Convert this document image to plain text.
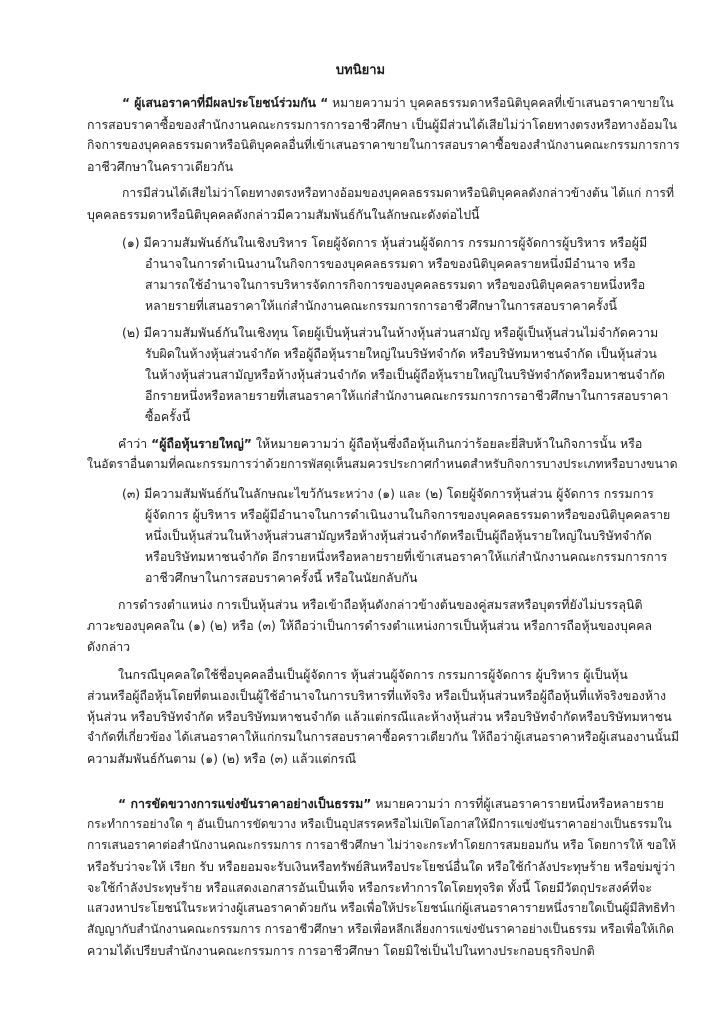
บทนิยาม
“ ผู้เสนอราคาที่มีผลประโยชน์ร่วมกัน “ หมายความว่า บุคคลธรรมดาหรือนิติบุคคลที่เข้าเสนอราคาขายใน
การสอบราคาซื้อของสำนักงานคณะกรรมการการอาชีวศึกษา เป็นผู้มีส่วนได้เสียไม่ว่าโดยทางตรงหรือทางอ้อมใน
กิจการของบุคคลธรรมดาหรือนิติบุคคลอื่นที่เข้าเสนอราคาขายในการสอบราคาซื้อของสำนักงานคณะกรรมการการ
อาชีวศึกษาในคราวเดียวกัน
การมีส่วนได้เสียไม่ว่าโดยทางตรงหรือทางอ้อมของบุคคลธรรมดาหรือนิติบุคคลดังกล่าวข้างต้น ได้แก่ การที่
บุคคลธรรมดาหรือนิติบุคคลดังกล่าวมีความสัมพันธ์กันในลักษณะดังต่อไปนี้
(๑) มีความสัมพันธ์กันในเชิงบริหาร โดยผู้จัดการ หุ้นส่วนผู้จัดการ กรรมการผู้จัดการผู้บริหาร หรือผู้มี
อำนาจในการดำเนินงานในกิจการของบุคคลธรรมดา หรือของนิติบุคคลรายหนึ่งมีอำนาจ หรือ
สามารถใช้อำนาจในการบริหารจัดการกิจการของบุคคลธรรมดา หรือของนิติบุคคลรายหนึ่งหรือ
หลายรายที่เสนอราคาให้แก่สำนักงานคณะกรรมการการอาชีวศึกษาในการสอบราคาครั้งนี้
(๒) มีความสัมพันธ์กันในเชิงทุน โดยผู้เป็นหุ้นส่วนในห้างหุ้นส่วนสามัญ หรือผู้เป็นหุ้นส่วนไม่จำกัดความ
รับผิดในห้างหุ้นส่วนจำกัด หรือผู้ถือหุ้นรายใหญ่ในบริษัทจำกัด หรือบริษัทมหาชนจำกัด เป็นหุ้นส่วน
ในห้างหุ้นส่วนสามัญหรือห้างหุ้นส่วนจำกัด หรือเป็นผู้ถือหุ้นรายใหญ่ในบริษัทจำกัดหรือมหาชนจำกัด
อีกรายหนึ่งหรือหลายรายที่เสนอราคาให้แก่สำนักงานคณะกรรมการการอาชีวศึกษาในการสอบราคา
ซื้อครั้งนี้
คำว่า “ผู้ถือหุ้นรายใหญ่” ให้หมายความว่า ผู้ถือหุ้นซึ่งถือหุ้นเกินกว่าร้อยละยี่สิบห้าในกิจการนั้น หรือ
ในอัตราอื่นตามที่คณะกรรมการว่าด้วยการพัสดุเห็นสมควรประกาศกำหนดสำหรับกิจการบางประเภทหรือบางขนาด
(๓) มีความสัมพันธ์กันในลักษณะไขว้กันระหว่าง (๑) และ (๒) โดยผู้จัดการหุ้นส่วน ผู้จัดการ กรรมการ
ผู้จัดการ ผู้บริหาร หรือผู้มีอำนาจในการดำเนินงานในกิจการของบุคคลธรรมดาหรือของนิติบุคคลราย
หนึ่งเป็นหุ้นส่วนในห้างหุ้นส่วนสามัญหรือห้างหุ้นส่วนจำกัดหรือเป็นผู้ถือหุ้นรายใหญ่ในบริษัทจำกัด
หรือบริษัทมหาชนจำกัด อีกรายหนึ่งหรือหลายรายที่เข้าเสนอราคาให้แก่สำนักงานคณะกรรมการการ
อาชีวศึกษาในการสอบราคาครั้งนี้ หรือในนัยกลับกัน
การดำรงตำแหน่ง การเป็นหุ้นส่วน หรือเข้าถือหุ้นดังกล่าวข้างต้นของคู่สมรสหรือบุตรที่ยังไม่บรรลุนิติ
ภาวะของบุคคลใน (๑) (๒) หรือ (๓) ให้ถือว่าเป็นการดำรงตำแหน่งการเป็นหุ้นส่วน หรือการถือหุ้นของบุคคล
ดังกล่าว
ในกรณีบุคคลใดใช้ชื่อบุคคลอื่นเป็นผู้จัดการ หุ้นส่วนผู้จัดการ กรรมการผู้จัดการ ผู้บริหาร ผู้เป็นหุ้น
ส่วนหรือผู้ถือหุ้นโดยที่ตนเองเป็นผู้ใช้อำนาจในการบริหารที่แท้จริง หรือเป็นหุ้นส่วนหรือผู้ถือหุ้นที่แท้จริงของห้าง
หุ้นส่วน หรือบริษัทจำกัด หรือบริษัทมหาชนจำกัด แล้วแต่กรณีและห้างหุ้นส่วน หรือบริษัทจำกัดหรือบริษัทมหาชน
จำกัดที่เกี่ยวข้อง ได้เสนอราคาให้แก่กรมในการสอบราคาซื้อคราวเดียวกัน ให้ถือว่าผู้เสนอราคาหรือผู้เสนองานนั้นมี
ความสัมพันธ์กันตาม (๑) (๒) หรือ (๓) แล้วแต่กรณี
“ การขัดขวางการแข่งขันราคาอย่างเป็นธรรม” หมายความว่า การที่ผู้เสนอราคารายหนึ่งหรือหลายราย
กระทำการอย่างใด ๆ อันเป็นการขัดขวาง หรือเป็นอุปสรรคหรือไม่เปิดโอกาสให้มีการแข่งขันราคาอย่างเป็นธรรมใน
การเสนอราคาต่อสำนักงานคณะกรรมการ การอาชีวศึกษา ไม่ว่าจะกระทำโดยการสมยอมกัน หรือ โดยการให้ ขอให้
หรือรับว่าจะให้ เรียก รับ หรือยอมจะรับเงินหรือทรัพย์สินหรือประโยชน์อื่นใด หรือใช้กำลังประทุษร้าย หรือข่มขู่ว่า
จะใช้กำลังประทุษร้าย หรือแสดงเอกสารอันเป็นเท็จ หรือกระทำการใดโดยทุจริต ทั้งนี้ โดยมีวัตถุประสงค์ที่จะ
แสวงหาประโยชน์ในระหว่างผู้เสนอราคาด้วยกัน หรือเพื่อให้ประโยชน์แก่ผู้เสนอราคารายหนึ่งรายใดเป็นผู้มีสิทธิทำ
สัญญากับสำนักงานคณะกรรมการ การอาชีวศึกษา หรือเพื่อหลีกเลี่ยงการแข่งขันราคาอย่างเป็นธรรม หรือเพื่อให้เกิด
ความได้เปรียบสำนักงานคณะกรรมการ การอาชีวศึกษา โดยมิใช่เป็นไปในทางประกอบธุรกิจปกติ
